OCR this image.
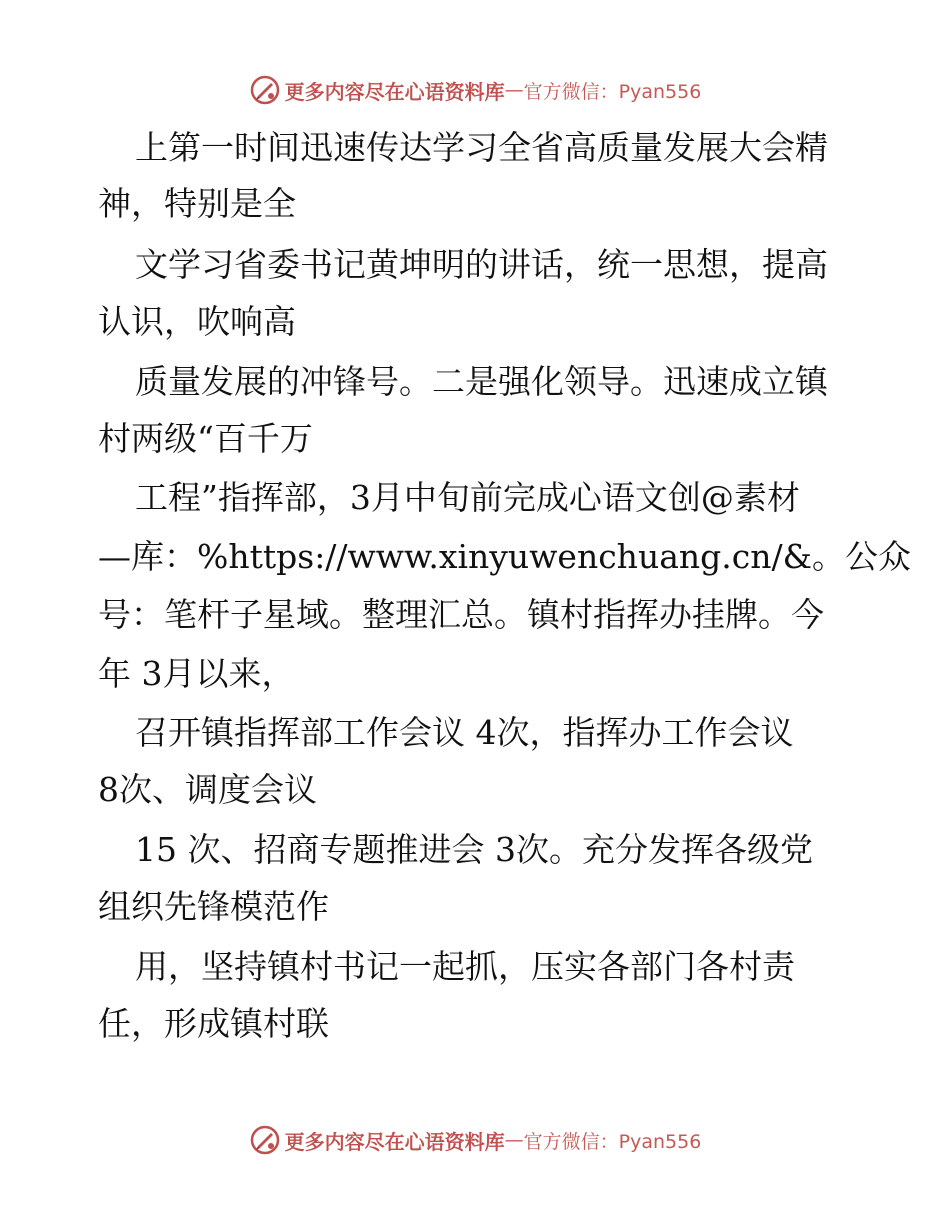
更多内容尽在心语资料库 — 官方微信：Pyan556
上第一时间迅速传达学习全省高质量发展大会精
神，特别是全
文学习省委书记黄坤明的讲话，统一思想，提高
认识，吹响高
质量发展的冲锋号。二是强化领导。迅速成立镇
村两级“百千万
工程”指挥部，3月中旬前完成心语文创@素材
—库：%https://www.xinyuwenchuang.cn/&。公众
号：笔杆子星域。整理汇总。镇村指挥办挂牌。今
年 3月以来，
召开镇指挥部工作会议 4次，指挥办工作会议
8次、调度会议
15 次、招商专题推进会 3次。充分发挥各级党
组织先锋模范作
用，坚持镇村书记一起抓，压实各部门各村责
任，形成镇村联
更多内容尽在心语资料库 — 官方微信：Pyan556
